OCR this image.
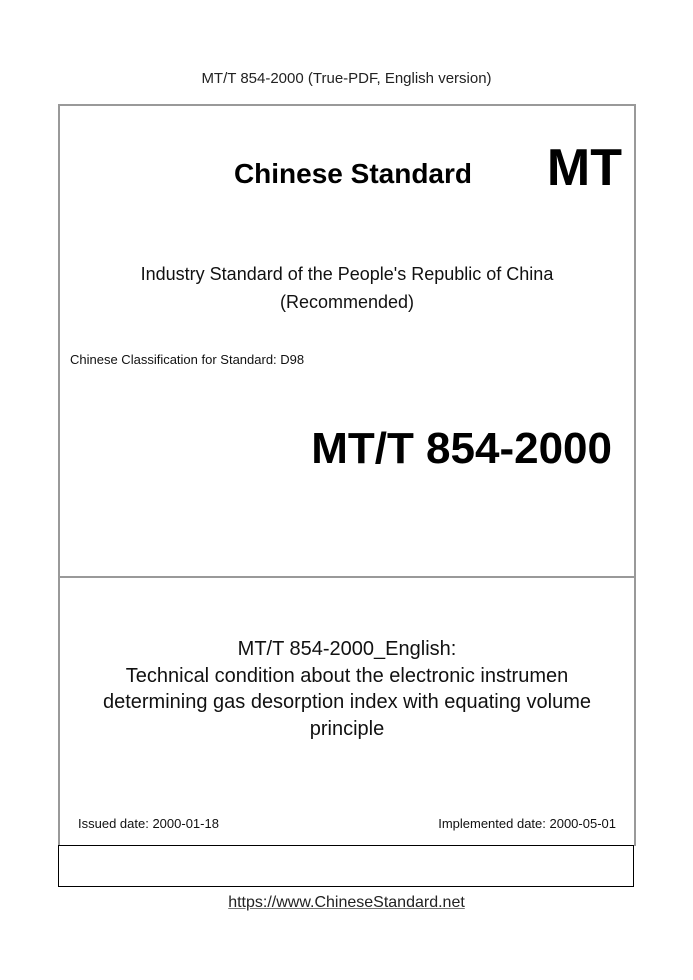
MT/T 854-2000 (True-PDF, English version)
Chinese Standard MT
Industry Standard of the People's Republic of China
(Recommended)
Chinese Classification for Standard: D98
MT/T 854-2000
MT/T 854-2000_English:
Technical condition about the electronic instrumen
determining gas desorption index with equating volume
principle
Issued date: 2000-01-18	Implemented date: 2000-05-01
https://www.ChineseStandard.net
